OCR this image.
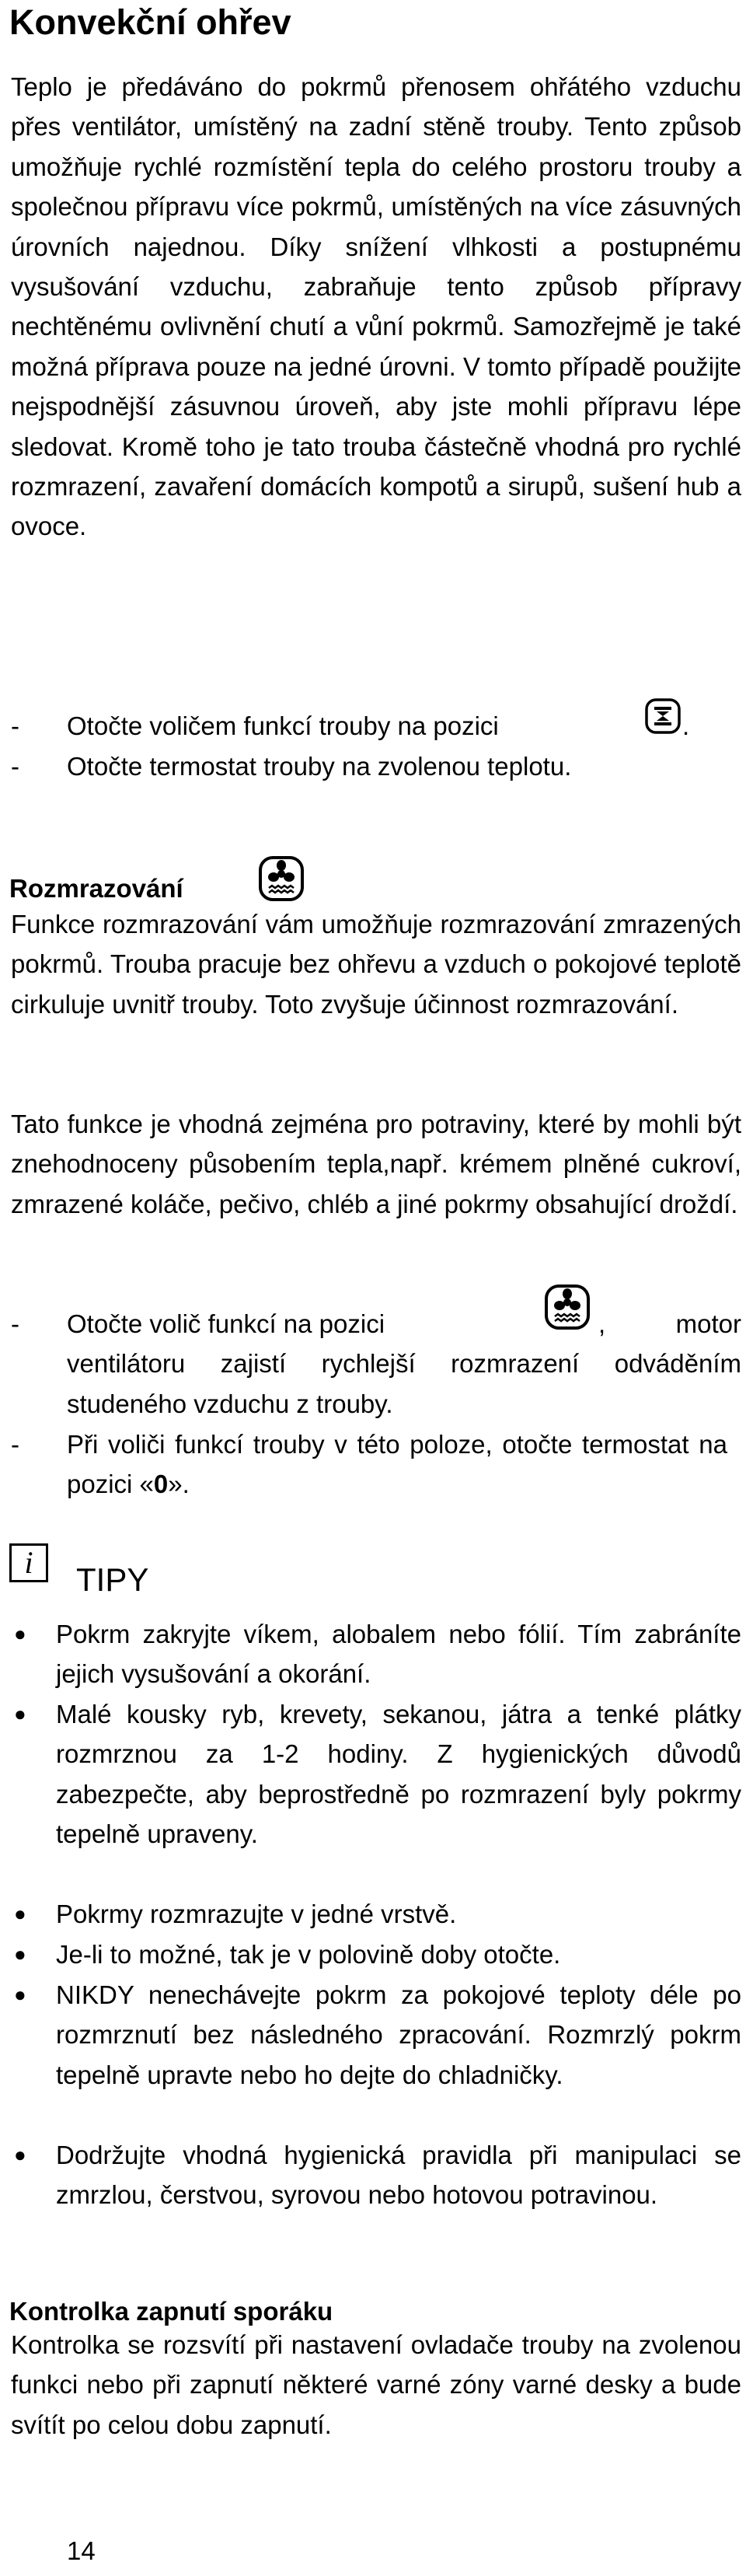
Konvekční ohřev

Teplo je předáváno do pokrmů přenosem ohřátého vzduchu přes ventilátor, umístěný na zadní stěně trouby. Tento způsob umožňuje rychlé rozmístění tepla do celého prostoru trouby a společnou přípravu více pokrmů, umístěných na více zásuvných úrovních najednou. Díky snížení vlhkosti a postupnému vysušování vzduchu, zabraňuje tento způsob přípravy nechtěnému ovlivnění chutí a vůní pokrmů. Samozřejmě je také možná příprava pouze na jedné úrovni. V tomto případě použijte nejspodnější zásuvnou úroveň, aby jste mohli přípravu lépe sledovat. Kromě toho je tato trouba částečně vhodná pro rychlé rozmrazení, zavaření domácích kompotů a sirupů, sušení hub a ovoce.

- Otočte voličem funkcí trouby na pozici	.
- Otočte termostat trouby na zvolenou teplotu.
Rozmrazování

Funkce rozmrazování vám umožňuje rozmrazování zmrazených pokrmů. Trouba pracuje bez ohřevu a vzduch o pokojové teplotě cirkuluje uvnitř trouby. Toto zvyšuje účinnost rozmrazování.

Tato funkce je vhodná zejména pro potraviny, které by mohli být znehodnoceny působením tepla,např. krémem plněné cukroví, zmrazené koláče, pečivo, chléb a jiné pokrmy obsahující droždí.

- Otočte volič funkcí na pozici	, motor ventilátoru zajistí rychlejší rozmrazení odváděním studeného vzduchu z trouby.
- Při voliči funkcí trouby v této poloze, otočte termostat na pozici «0».
i	TIPY
● Pokrm zakryjte víkem, alobalem nebo fólií. Tím zabráníte jejich vysušování a okorání.
● Malé kousky ryb, krevety, sekanou, játra a tenké plátky rozmrznou za 1-2 hodiny. Z hygienických důvodů zabezpečte, aby beprostředně po rozmrazení byly pokrmy tepelně upraveny.
● Pokrmy rozmrazujte v jedné vrstvě.
● Je-li to možné, tak je v polovině doby otočte.
● NIKDY nenechávejte pokrm za pokojové teploty déle po rozmrznutí bez následného zpracování. Rozmrzlý pokrm tepelně upravte nebo ho dejte do chladničky.
● Dodržujte vhodná hygienická pravidla při manipulaci se zmrzlou, čerstvou, syrovou nebo hotovou potravinou.
Kontrolka zapnutí sporáku

Kontrolka se rozsvítí při nastavení ovladače trouby na zvolenou funkci nebo při zapnutí některé varné zóny varné desky a bude svítít po celou dobu zapnutí.

14
